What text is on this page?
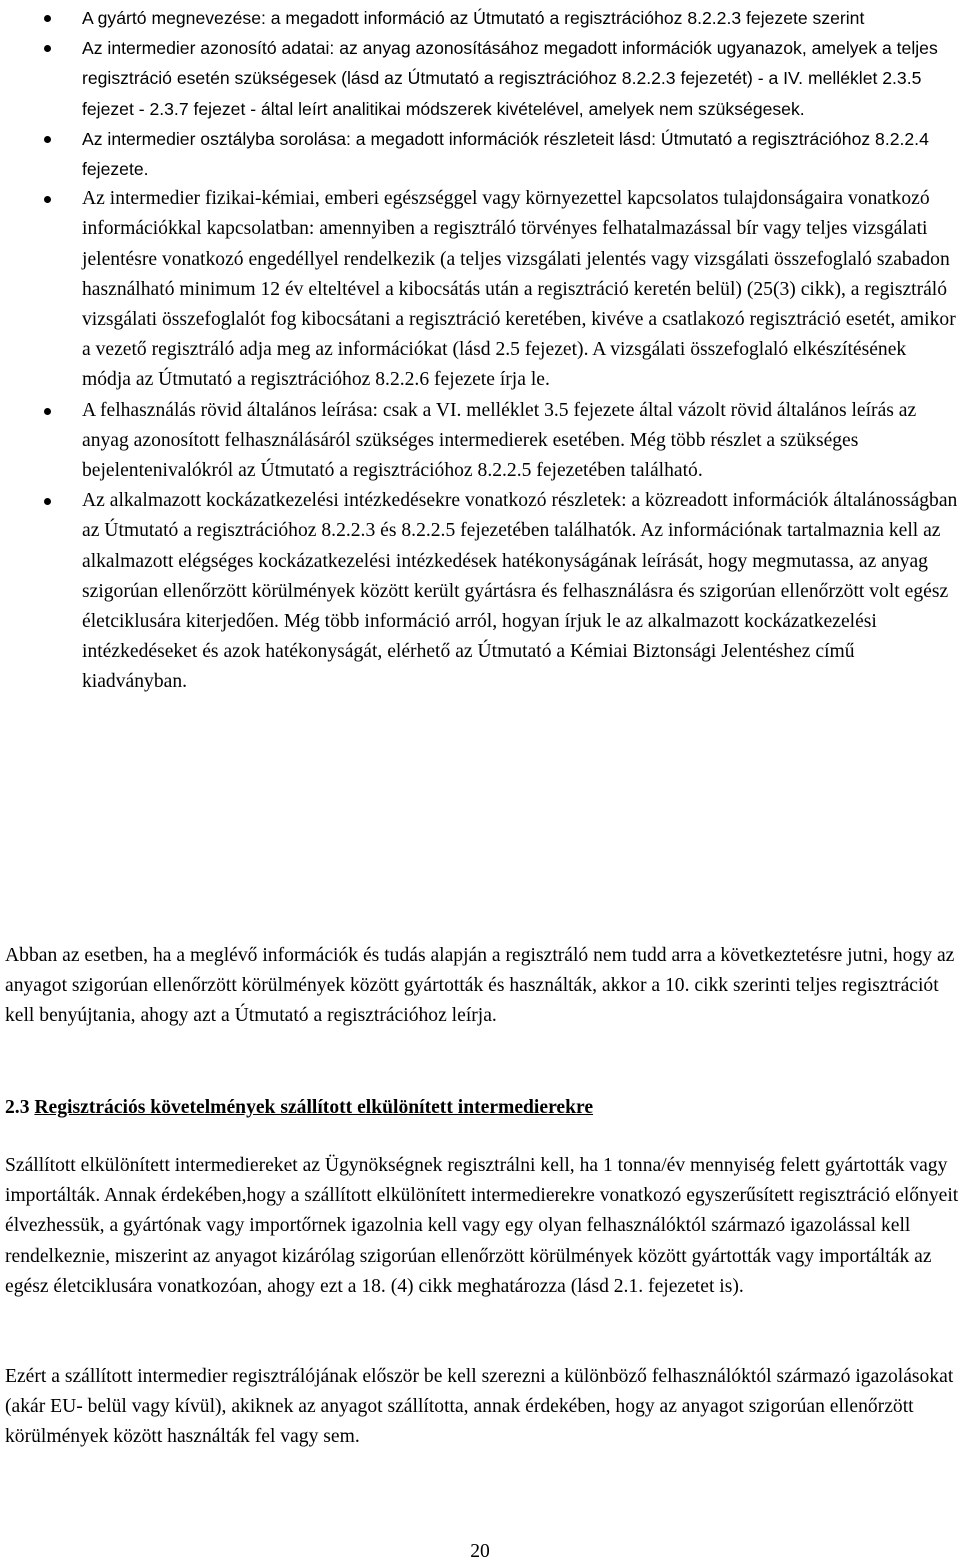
A gyártó megnevezése: a megadott információ az Útmutató a regisztrációhoz 8.2.2.3 fejezete szerint
Az intermedier azonosító adatai: az anyag azonosításához megadott információk ugyanazok, amelyek a teljes regisztráció esetén szükségesek (lásd az Útmutató a regisztrációhoz 8.2.2.3 fejezetét) - a IV. melléklet 2.3.5 fejezet - 2.3.7 fejezet - által leírt analitikai módszerek kivételével, amelyek nem szükségesek.
Az intermedier osztályba sorolása: a megadott információk részleteit lásd: Útmutató a regisztrációhoz 8.2.2.4 fejezete.
Az intermedier fizikai-kémiai, emberi egészséggel vagy környezettel kapcsolatos tulajdonságaira vonatkozó információkkal kapcsolatban: amennyiben a regisztráló törvényes felhatalmazással bír vagy teljes vizsgálati jelentésre vonatkozó engedéllyel rendelkezik (a teljes vizsgálati jelentés vagy vizsgálati összefoglaló szabadon használható minimum 12 év elteltével a kibocsátás után a regisztráció keretén belül) (25(3) cikk), a regisztráló vizsgálati összefoglalót fog kibocsátani a regisztráció keretében, kivéve a csatlakozó regisztráció esetét, amikor a vezető regisztráló adja meg az információkat (lásd 2.5 fejezet). A vizsgálati összefoglaló elkészítésének módja az Útmutató a regisztrációhoz 8.2.2.6 fejezete írja le.
A felhasználás rövid általános leírása: csak a VI. melléklet 3.5 fejezete által vázolt rövid általános leírás az anyag azonosított felhasználásáról szükséges intermedierek esetében. Még több részlet a szükséges bejelentenivalókról az Útmutató a regisztrációhoz 8.2.2.5 fejezetében található.
Az alkalmazott kockázatkezelési intézkedésekre vonatkozó részletek: a közreadott információk általánosságban az Útmutató a regisztrációhoz 8.2.2.3 és 8.2.2.5 fejezetében találhatók. Az információnak tartalmaznia kell az alkalmazott elégséges kockázatkezelési intézkedések hatékonyságának leírását, hogy megmutassa, az anyag szigorúan ellenőrzött körülmények között került gyártásra és felhasználásra és szigorúan ellenőrzött volt egész életciklusára kiterjedően. Még több információ arról, hogyan írjuk le az alkalmazott kockázatkezelési intézkedéseket és azok hatékonyságát, elérhető az Útmutató a Kémiai Biztonsági Jelentéshez című kiadványban.

Abban az esetben, ha a meglévő információk és tudás alapján a regisztráló nem tudd arra a következtetésre jutni, hogy az anyagot szigorúan ellenőrzött körülmények között gyártották és használták, akkor a 10. cikk szerinti teljes regisztrációt kell benyújtania, ahogy azt a Útmutató a regisztrációhoz leírja.

2.3 Regisztrációs követelmények szállított elkülönített intermedierekre

Szállított elkülönített intermediereket az Ügynökségnek regisztrálni kell, ha 1 tonna/év mennyiség felett gyártották vagy importálták. Annak érdekében,hogy a szállított elkülönített intermedierekre vonatkozó egyszerűsített regisztráció előnyeit élvezhessük, a gyártónak vagy importőrnek igazolnia kell vagy egy olyan felhasználóktól származó igazolással kell rendelkeznie, miszerint az anyagot kizárólag szigorúan ellenőrzött körülmények között gyártották vagy importálták az egész életciklusára vonatkozóan, ahogy ezt a 18. (4) cikk meghatározza (lásd 2.1. fejezetet is).

Ezért a szállított intermedier regisztrálójának először be kell szerezni a különböző felhasználóktól származó igazolásokat (akár EU- belül vagy kívül), akiknek az anyagot szállította, annak érdekében, hogy az anyagot szigorúan ellenőrzött körülmények között használták fel vagy sem.

20
